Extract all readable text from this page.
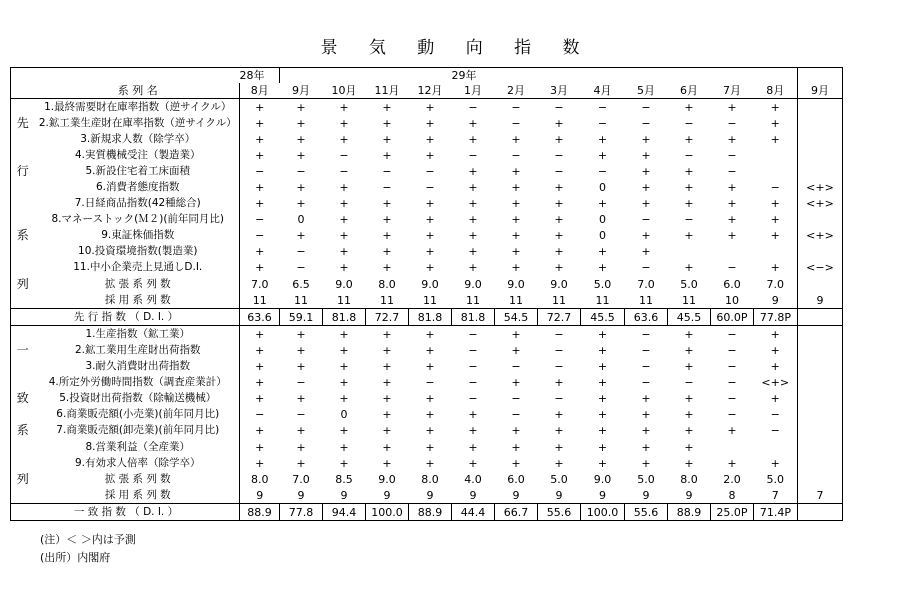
景 気 動 向 指 数
		28年					29年								
	系 列 名	8月	9月	10月	11月	12月	1月	2月	3月	4月	5月	6月	7月	8月	9月
	1.最終需要財在庫率指数（逆サイクル）	+	+	+	+	+	−	−	−	−	−	+	+	+	
先	2.鉱工業生産財在庫率指数（逆サイクル）	+	+	+	+	+	+	−	+	−	−	−	−	+	
	3.新規求人数（除学卒）	+	+	+	+	+	+	+	+	+	+	+	+	+	
	4.実質機械受注（製造業）	+	+	−	+	+	−	−	−	+	+	−	−		
行	5.新設住宅着工床面積	−	−	−	−	−	+	+	−	−	+	+	−		
	6.消費者態度指数	+	+	+	−	−	+	+	+	0	+	+	+	−	<+>
	7.日経商品指数(42種総合)	+	+	+	+	+	+	+	+	+	+	+	+	+	<+>
	8.マネーストック(Ｍ２)(前年同月比)	−	0	+	+	+	+	+	+	0	−	−	+	+	
系	9.東証株価指数	−	+	+	+	+	+	+	+	0	+	+	+	+	<+>
	10.投資環境指数(製造業)	+	−	+	+	+	+	+	+	+	+				
	11.中小企業売上見通しD.I.	+	−	+	+	+	+	+	+	+	−	+	−	+	<−>
列	拡 張 系 列 数	7.0	6.5	9.0	8.0	9.0	9.0	9.0	9.0	5.0	7.0	5.0	6.0	7.0	
	採 用 系 列 数	11	11	11	11	11	11	11	11	11	11	11	10	9	9
先 行 指 数 （ D. I. ）		63.6	59.1	81.8	72.7	81.8	81.8	54.5	72.7	45.5	63.6	45.5	60.0P	77.8P	
	1.生産指数（鉱工業）	+	+	+	+	+	−	+	−	+	−	+	−	+	
一	2.鉱工業用生産財出荷指数	+	+	+	+	+	−	+	−	+	−	+	−	+	
	3.耐久消費財出荷指数	+	+	+	+	+	−	−	−	+	−	+	−	+	
	4.所定外労働時間指数（調査産業計）	+	−	+	+	−	−	+	+	+	−	−	−	<+>	
致	5.投資財出荷指数（除輸送機械）	+	+	+	+	+	−	−	−	+	+	+	−	+	
	6.商業販売額(小売業)(前年同月比)	−	−	0	+	+	+	−	+	+	+	+	−	−	
系	7.商業販売額(卸売業)(前年同月比)	+	+	+	+	+	+	+	+	+	+	+	+	−	
	8.営業利益（全産業）	+	+	+	+	+	+	+	+	+	+	+			
	9.有効求人倍率（除学卒）	+	+	+	+	+	+	+	+	+	+	+	+	+	
列	拡 張 系 列 数	8.0	7.0	8.5	9.0	8.0	4.0	6.0	5.0	9.0	5.0	8.0	2.0	5.0	
	採 用 系 列 数	9	9	9	9	9	9	9	9	9	9	9	8	7	7
一 致 指 数 （ D. I. ）		88.9	77.8	94.4	100.0	88.9	44.4	66.7	55.6	100.0	55.6	88.9	25.0P	71.4P	
(注）＜ ＞内は予測
(出所）内閣府
